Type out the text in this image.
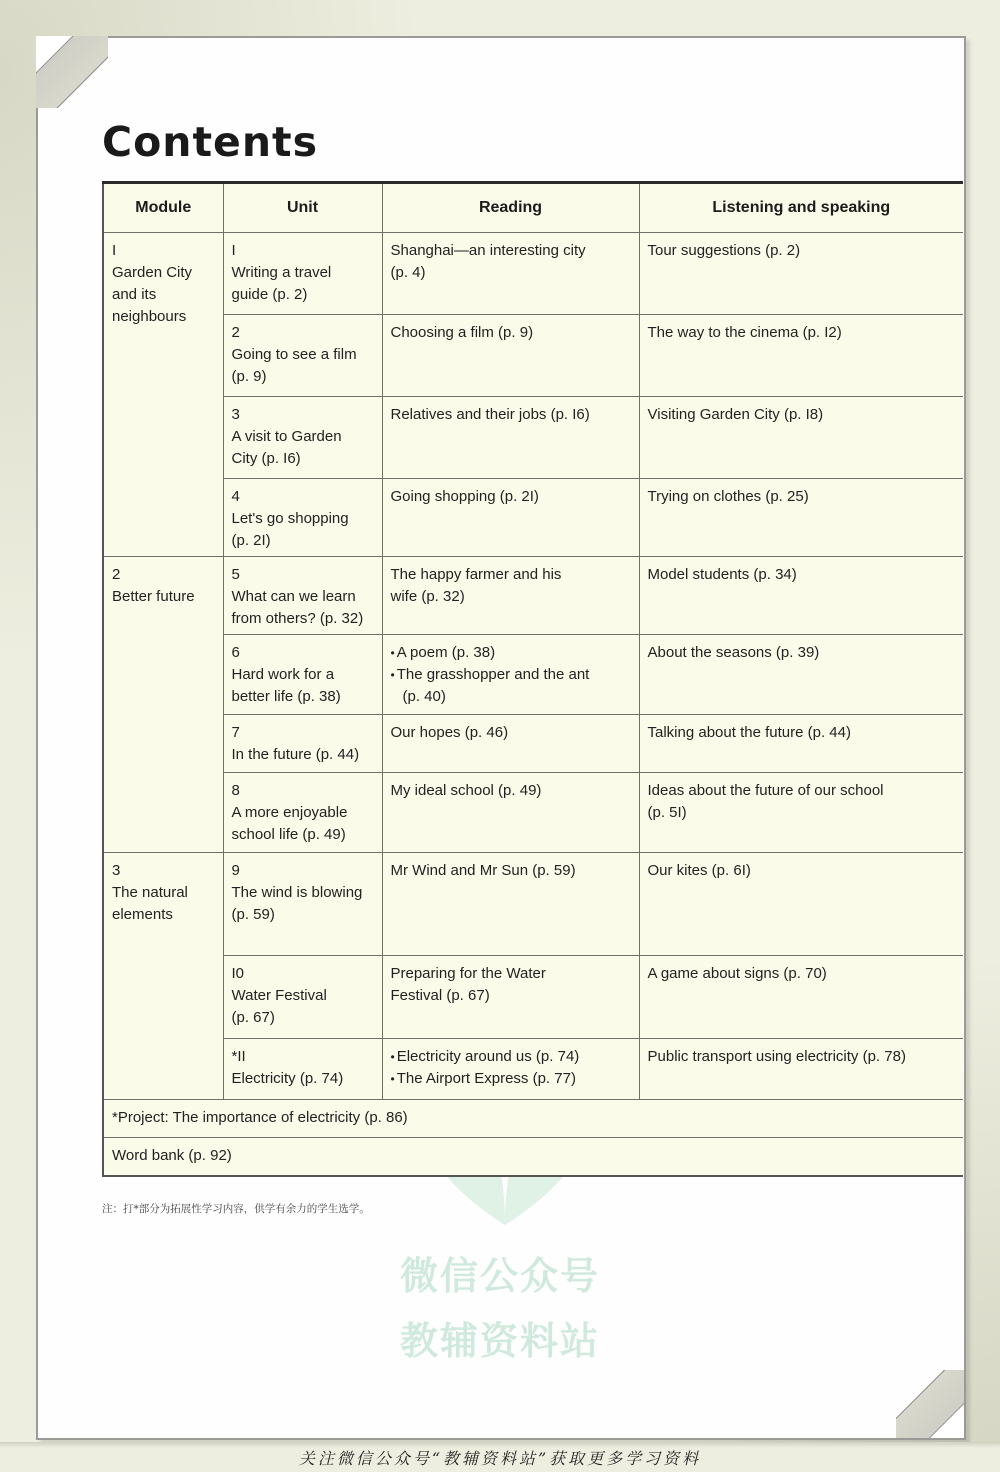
Contents
Module	Unit	Reading	Listening and speaking

I
Garden City
and its
neighbours	I
Writing a travel
guide (p. 2)	Shanghai—an interesting city
(p. 4)	Tour suggestions (p. 2)

	2
Going to see a film
(p. 9)	Choosing a film (p. 9)	The way to the cinema (p. I2)

	3
A visit to Garden
City (p. I6)	Relatives and their jobs (p. I6)	Visiting Garden City (p. I8)

	4
Let's go shopping
(p. 2I)	Going shopping (p. 2I)	Trying on clothes (p. 25)

2
Better future	5
What can we learn
from others? (p. 32)	The happy farmer and his
wife (p. 32)	Model students (p. 34)

	6
Hard work for a
better life (p. 38)	• A poem (p. 38)
• The grasshopper and the ant
(p. 40)	About the seasons (p. 39)

	7
In the future (p. 44)	Our hopes (p. 46)	Talking about the future (p. 44)

	8
A more enjoyable
school life (p. 49)	My ideal school (p. 49)	Ideas about the future of our school
(p. 5I)

3
The natural
elements	9
The wind is blowing
(p. 59)	Mr Wind and Mr Sun (p. 59)	Our kites (p. 6I)

	I0
Water Festival
(p. 67)	Preparing for the Water
Festival (p. 67)	A game about signs (p. 70)

	*II
Electricity (p. 74)	• Electricity around us (p. 74)
• The Airport Express (p. 77)	Public transport using electricity (p. 78)

*Project: The importance of electricity (p. 86)			
Word bank (p. 92)			

注：打*部分为拓展性学习内容，供学有余力的学生选学。

微信公众号

教辅资料站

关注微信公众号“教辅资料站”获取更多学习资料
